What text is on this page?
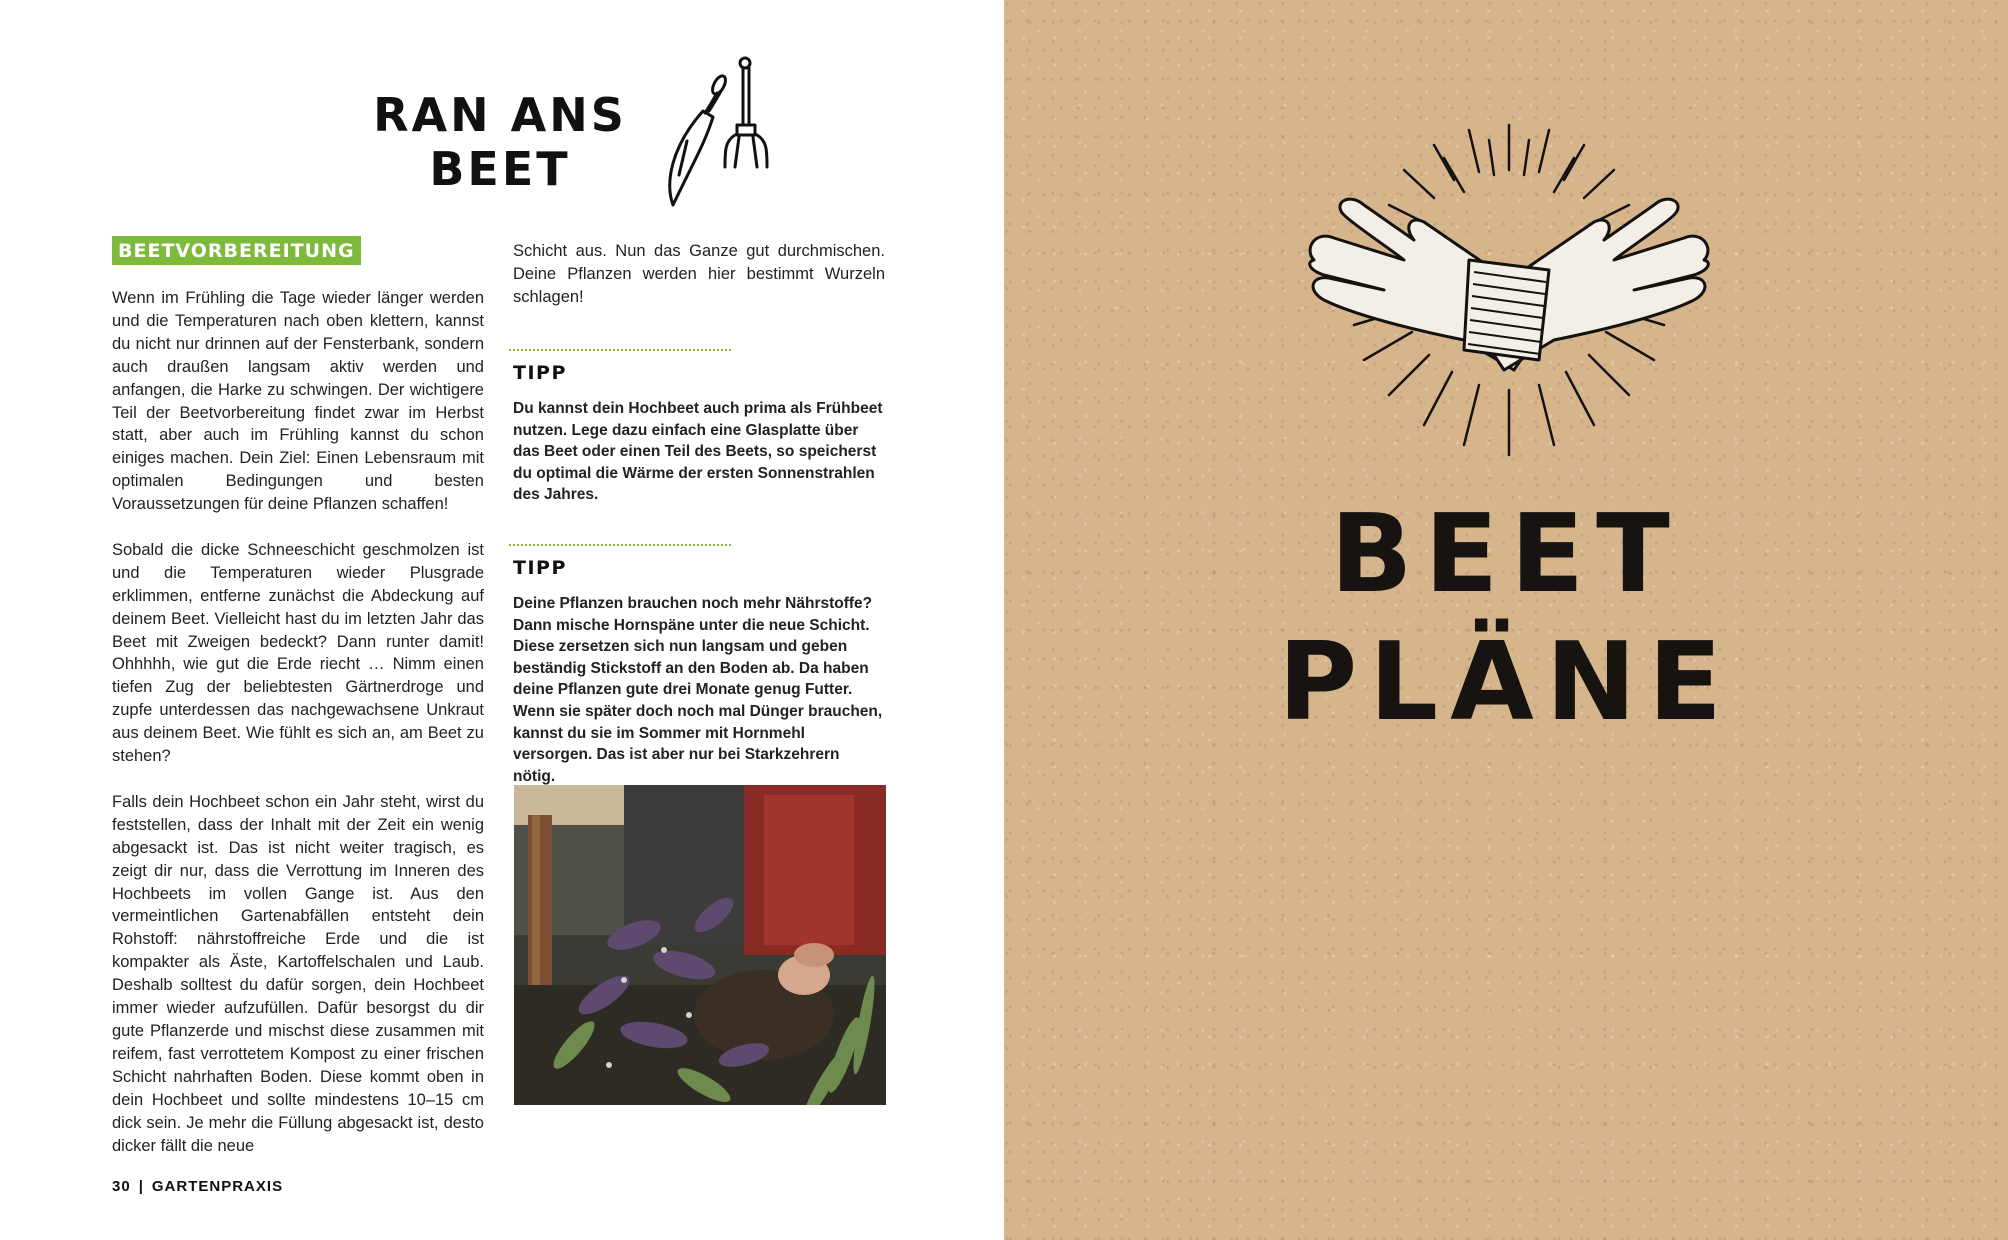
RAN ANS
BEET
BEETVORBEREITUNG

Wenn im Frühling die Tage wieder länger werden und die Temperaturen nach oben klettern, kannst du nicht nur drinnen auf der Fensterbank, sondern auch draußen langsam aktiv werden und anfangen, die Harke zu schwingen. Der wichtigere Teil der Beetvorbereitung findet zwar im Herbst statt, aber auch im Frühling kannst du schon einiges machen. Dein Ziel: Einen Lebensraum mit optimalen Bedingungen und besten Voraussetzungen für deine Pflanzen schaffen!

Sobald die dicke Schneeschicht geschmolzen ist und die Temperaturen wieder Plusgrade erklimmen, entferne zunächst die Abdeckung auf deinem Beet. Vielleicht hast du im letzten Jahr das Beet mit Zweigen bedeckt? Dann runter damit! Ohhhhh, wie gut die Erde riecht … Nimm einen tiefen Zug der beliebtesten Gärtnerdroge und zupfe unterdessen das nachgewachsene Unkraut aus deinem Beet. Wie fühlt es sich an, am Beet zu stehen?

Falls dein Hochbeet schon ein Jahr steht, wirst du feststellen, dass der Inhalt mit der Zeit ein wenig abgesackt ist. Das ist nicht weiter tragisch, es zeigt dir nur, dass die Verrottung im Inneren des Hochbeets im vollen Gange ist. Aus den vermeintlichen Gartenabfällen entsteht dein Rohstoff: nährstoffreiche Erde und die ist kompakter als Äste, Kartoffelschalen und Laub. Deshalb solltest du dafür sorgen, dein Hochbeet immer wieder aufzufüllen. Dafür besorgst du dir gute Pflanzerde und mischst diese zusammen mit reifem, fast verrottetem Kompost zu einer frischen Schicht nahrhaften Boden. Diese kommt oben in dein Hochbeet und sollte mindestens 10–15 cm dick sein. Je mehr die Füllung abgesackt ist, desto dicker fällt die neue

Schicht aus. Nun das Ganze gut durchmischen. Deine Pflanzen werden hier bestimmt Wurzeln schlagen!

TIPP
Du kannst dein Hochbeet auch prima als Frühbeet nutzen. Lege dazu einfach eine Glasplatte über das Beet oder einen Teil des Beets, so speicherst du optimal die Wärme der ersten Sonnenstrahlen des Jahres.
TIPP
Deine Pflanzen brauchen noch mehr Nährstoffe? Dann mische Hornspäne unter die neue Schicht. Diese zersetzen sich nun langsam und geben beständig Stickstoff an den Boden ab. Da haben deine Pflanzen gute drei Monate genug Futter. Wenn sie später doch noch mal Dünger brauchen, kannst du sie im Sommer mit Hornmehl versorgen. Das ist aber nur bei Starkzehrern nötig.
30 | GARTENPRAXIS
BEET
PLÄNE
